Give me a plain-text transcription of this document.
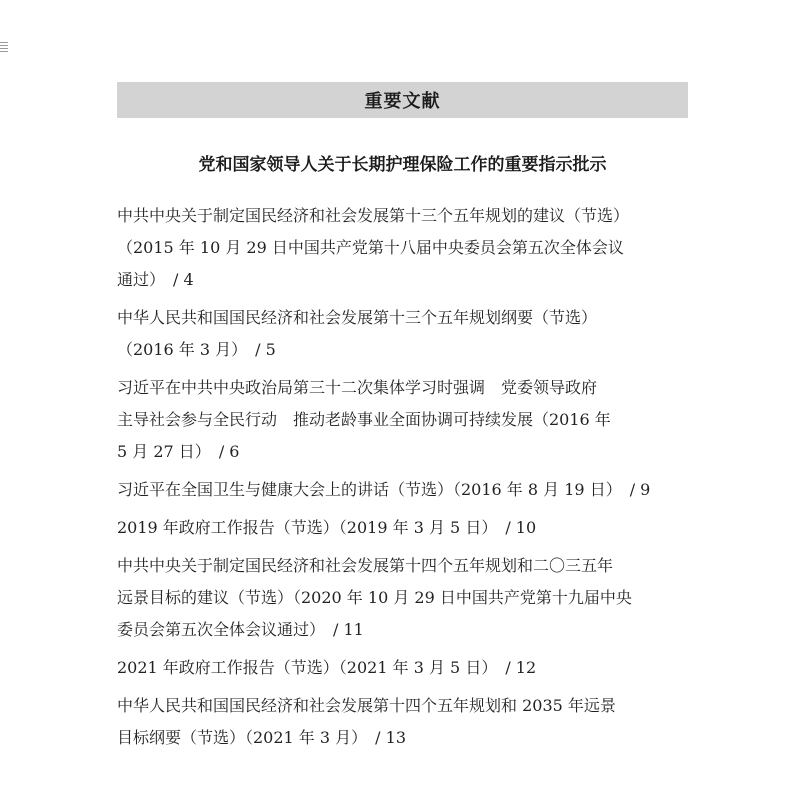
重要文献
党和国家领导人关于长期护理保险工作的重要指示批示
中共中央关于制定国民经济和社会发展第十三个五年规划的建议（节选）
（2015 年 10 月 29 日中国共产党第十八届中央委员会第五次全体会议
通过） / 4
中华人民共和国国民经济和社会发展第十三个五年规划纲要（节选）
（2016 年 3 月） / 5
习近平在中共中央政治局第三十二次集体学习时强调　党委领导政府
主导社会参与全民行动　推动老龄事业全面协调可持续发展（2016 年
5 月 27 日） / 6
习近平在全国卫生与健康大会上的讲话（节选）（2016 年 8 月 19 日） / 9
2019 年政府工作报告（节选）（2019 年 3 月 5 日） / 10
中共中央关于制定国民经济和社会发展第十四个五年规划和二〇三五年
远景目标的建议（节选）（2020 年 10 月 29 日中国共产党第十九届中央
委员会第五次全体会议通过） / 11
2021 年政府工作报告（节选）（2021 年 3 月 5 日） / 12
中华人民共和国国民经济和社会发展第十四个五年规划和 2035 年远景
目标纲要（节选）（2021 年 3 月） / 13
